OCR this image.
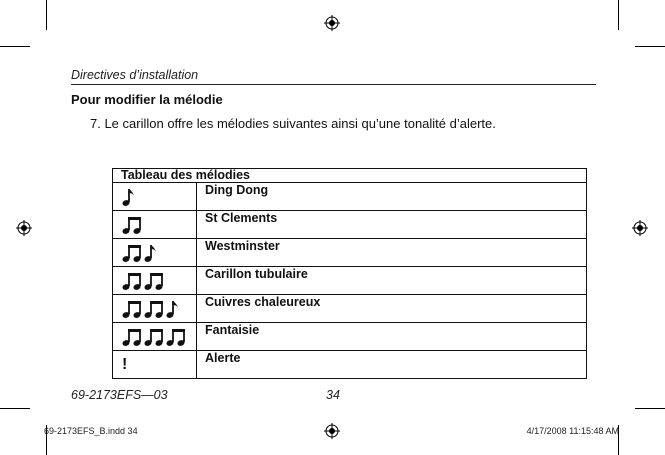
Directives d’installation
Pour modifier la mélodie
7. Le carillon offre les mélodies suivantes ainsi qu’une tonalité d’alerte.
Tableau des mélodies	

	Ding Dong

	St Clements

	Westminster

	Carillon tubulaire

	Cuivres chaleureux

	Fantaisie
!	Alerte
69-2173EFS—03	34
69-2173EFS_B.indd 34	4/17/2008 11:15:48 AM
